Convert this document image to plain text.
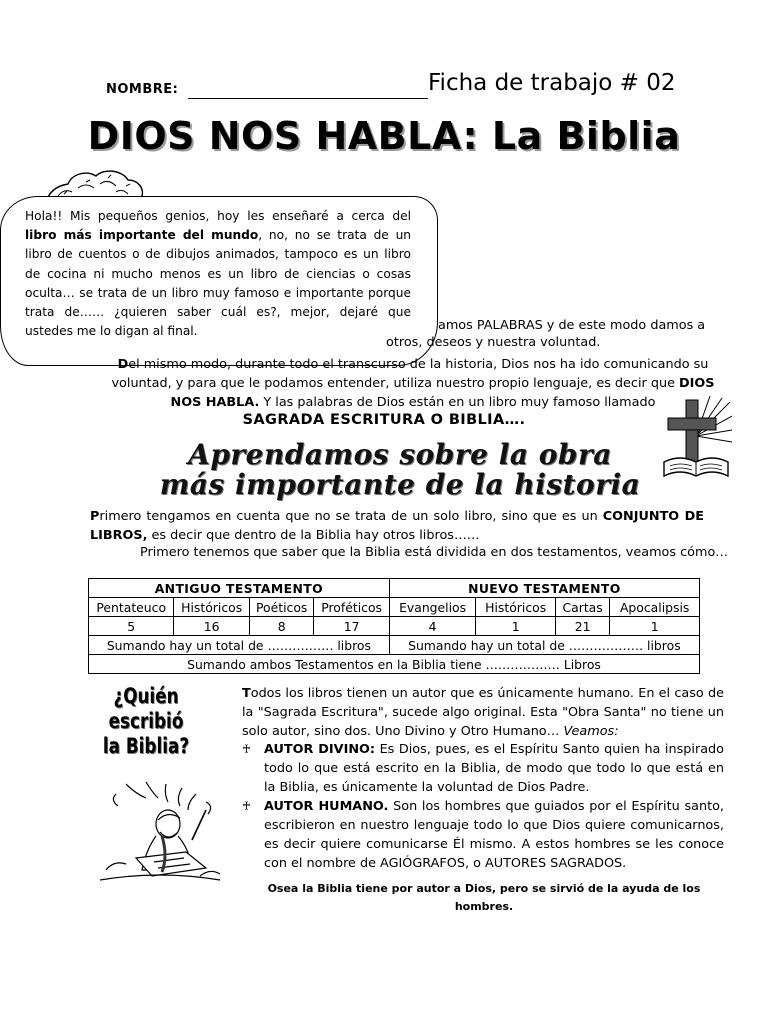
NOMBRE:	Ficha de trabajo # 02
DIOS NOS HABLA: La Biblia
Hola!! Mis pequeños genios, hoy les enseñaré a cerca del libro más importante del mundo, no, no se trata de un libro de cuentos o de dibujos animados, tampoco es un libro de cocina ni mucho menos es un libro de ciencias o cosas oculta… se trata de un libro muy famoso e importante porque trata de…… ¿quieren saber cuál es?, mejor, dejaré que ustedes me lo digan al final.	amos PALABRAS y de este modo damos a
otros, deseos y nuestra voluntad.
Del mismo modo, durante todo el transcurso de la historia, Dios nos ha ido comunicando su voluntad, y para que le podamos entender, utiliza nuestro propio lenguaje, es decir que DIOS NOS HABLA. Y las palabras de Dios están en un libro muy famoso llamado
SAGRADA ESCRITURA O BIBLIA….
Aprendamos sobre la obra
más importante de la historia
Primero tengamos en cuenta que no se trata de un solo libro, sino que es un CONJUNTO DE LIBROS, es decir que dentro de la Biblia hay otros libros……
Primero tenemos que saber que la Biblia está dividida en dos testamentos, veamos cómo…
ANTIGUO TESTAMENTO				NUEVO TESTAMENTO			
Pentateuco	Históricos	Poéticos	Proféticos	Evangelios	Históricos	Cartas	Apocalipsis
5	16	8	17	4	1	21	1
Sumando hay un total de ……………. libros				Sumando hay un total de ……………… libros			
Sumando ambos Testamentos en la Biblia tiene ……………… Libros							
¿Quién escribió
la Biblia?
Todos los libros tienen un autor que es únicamente humano. En el caso de la "Sagrada Escritura", sucede algo original. Esta "Obra Santa" no tiene un solo autor, sino dos. Uno Divino y Otro Humano… Veamos:
♰ AUTOR DIVINO: Es Dios, pues, es el Espíritu Santo quien ha inspirado todo lo que está escrito en la Biblia, de modo que todo lo que está en la Biblia, es únicamente la voluntad de Dios Padre.
♰ AUTOR HUMANO. Son los hombres que guiados por el Espíritu santo, escribieron en nuestro lenguaje todo lo que Dios quiere comunicarnos, es decir quiere comunicarse Él mismo. A estos hombres se les conoce con el nombre de AGIÓGRAFOS, o AUTORES SAGRADOS.
Osea la Biblia tiene por autor a Dios, pero se sirvió de la ayuda de los hombres.
